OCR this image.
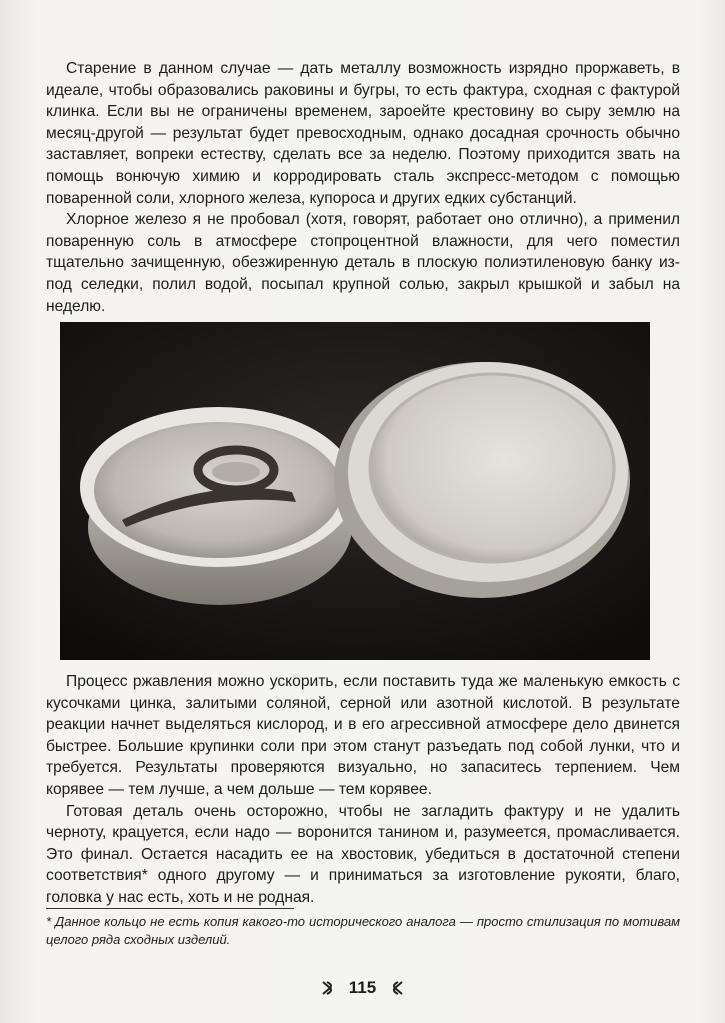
Старение в данном случае — дать металлу возможность изрядно проржаветь, в идеале, чтобы образовались раковины и бугры, то есть фактура, сходная с фактурой клинка. Если вы не ограничены временем, зароейте крестовину во сыру землю на месяц-другой — результат будет превосходным, однако досадная срочность обычно заставляет, вопреки естеству, сделать все за неделю. Поэтому приходится звать на помощь вонючую химию и корродировать сталь экспресс-методом с помощью поваренной соли, хлорного железа, купороса и других едких субстанций.

Хлорное железо я не пробовал (хотя, говорят, работает оно отлично), а применил поваренную соль в атмосфере стопроцентной влажности, для чего поместил тщательно зачищенную, обезжиренную деталь в плоскую полиэтиленовую банку из-под селедки, полил водой, посыпал крупной солью, закрыл крышкой и забыл на неделю.

Процесс ржавления можно ускорить, если поставить туда же маленькую емкость с кусочками цинка, залитыми соляной, серной или азотной кислотой. В результате реакции начнет выделяться кислород, и в его агрессивной атмосфере дело двинется быстрее. Большие крупинки соли при этом станут разъедать под собой лунки, что и требуется. Результаты проверяются визуально, но запаситесь терпением. Чем корявее — тем лучше, а чем дольше — тем корявее.

Готовая деталь очень осторожно, чтобы не загладить фактуру и не удалить черноту, крацуется, если надо — воронится танином и, разумеется, промасливается. Это финал. Остается насадить ее на хвостовик, убедиться в достаточной степени соответствия* одного другому — и приниматься за изготовление рукояти, благо, головка у нас есть, хоть и не родная.

* Данное кольцо не есть копия какого-то исторического аналога — просто стилизация по мотивам целого ряда сходных изделий.
115
